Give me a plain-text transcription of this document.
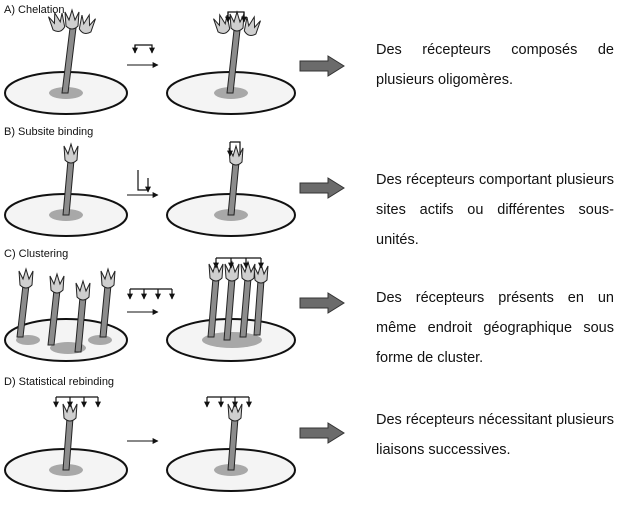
A) Chelation
B) Subsite binding
C) Clustering
D) Statistical rebinding

Des récepteurs composés de plusieurs oligomères.

Des récepteurs comportant plusieurs sites actifs ou différentes sous-unités.

Des récepteurs présents en un même endroit géographique sous forme de cluster.

Des récepteurs nécessitant plusieurs liaisons successives.
